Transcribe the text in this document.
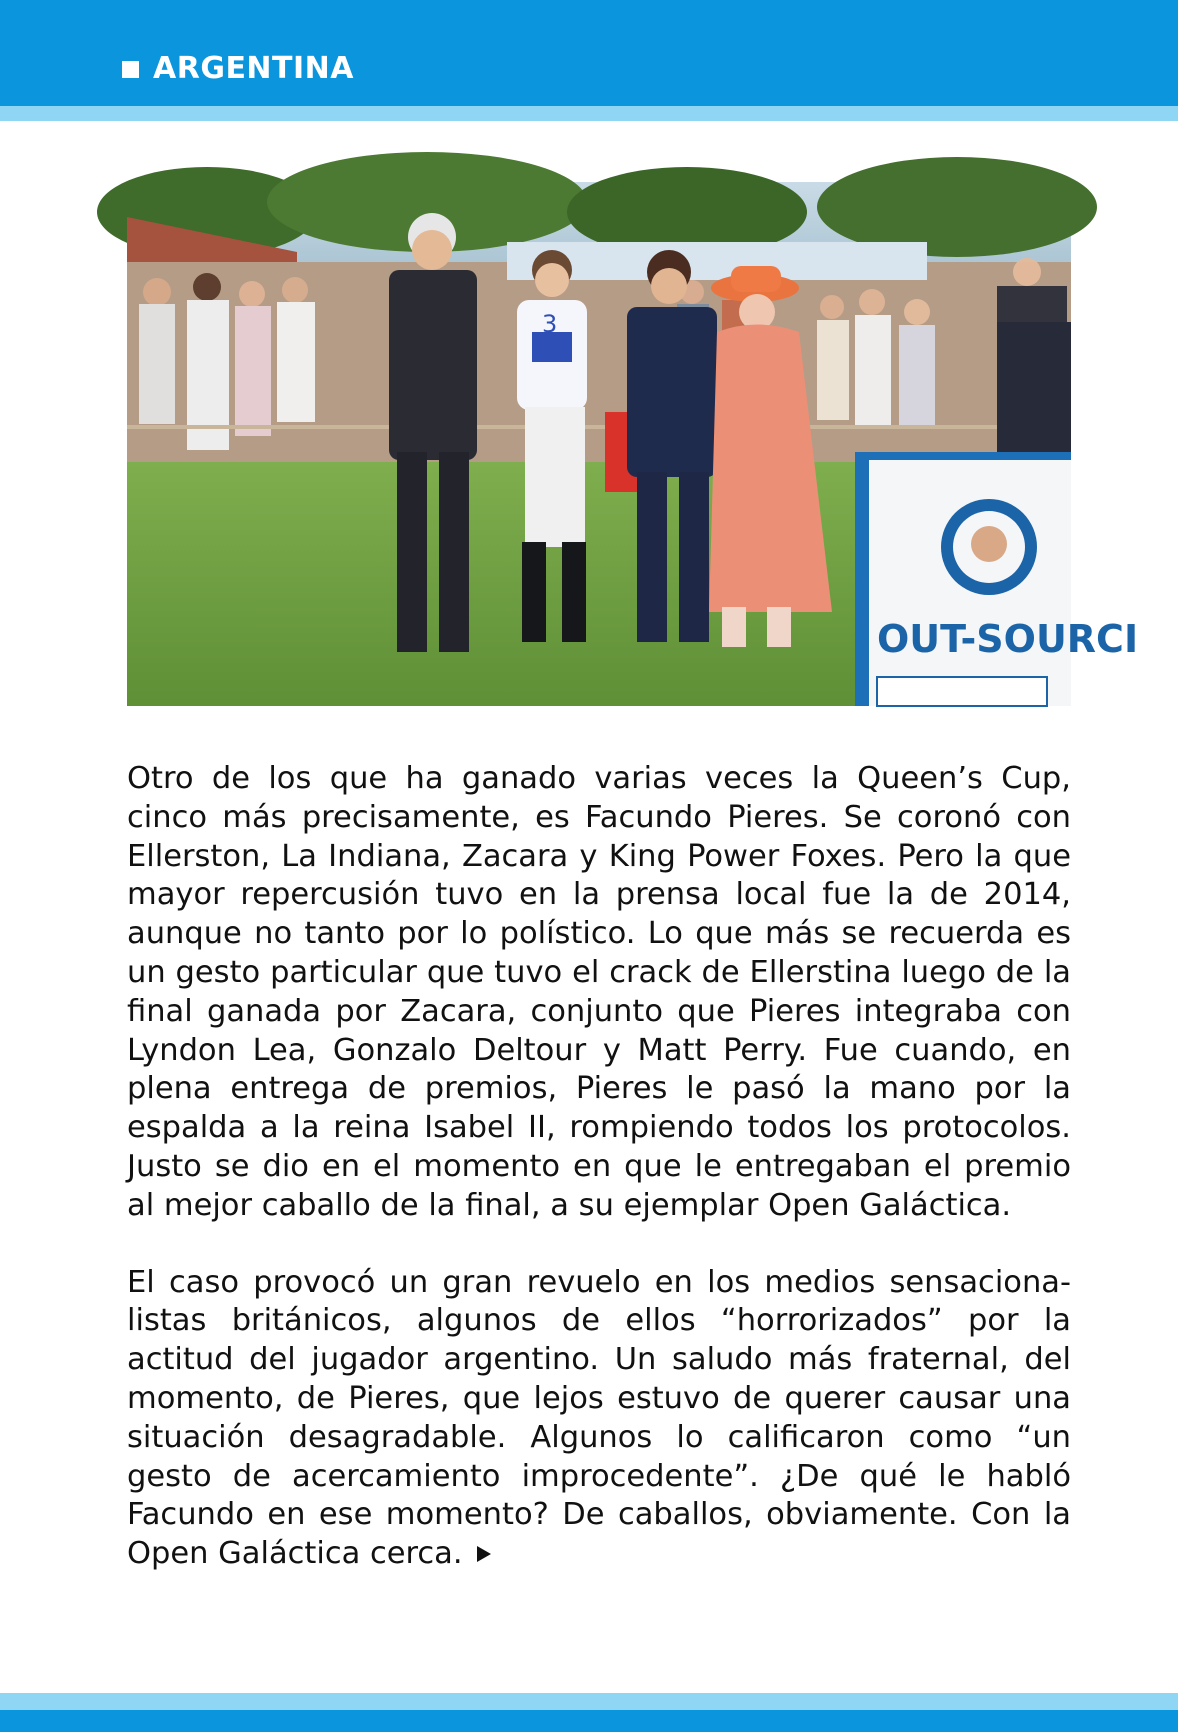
ARGENTINA
3
OUT-SOURCI

Otro de los que ha ganado varias veces la Queen’s Cup, cinco más precisamente, es Facundo Pieres. Se coronó con Ellerston, La Indiana, Zacara y King Power Foxes. Pero la que mayor repercusión tuvo en la prensa local fue la de 2014, aunque no tanto por lo polístico. Lo que más se recuerda es un gesto particular que tuvo el crack de Ellerstina luego de la final ganada por Zacara, conjunto que Pieres integraba con Lyndon Lea, Gonzalo Deltour y Matt Perry. Fue cuando, en plena entrega de premios, Pieres le pasó la mano por la espalda a la reina Isabel II, rompiendo todos los protocolos. Justo se dio en el momento en que le entregaban el premio al mejor caballo de la final, a su ejemplar Open Galáctica.

El caso provocó un gran revuelo en los medios sensacionalistas británicos, algunos de ellos “horrorizados” por la actitud del jugador argentino. Un saludo más fraternal, del momento, de Pieres, que lejos estuvo de querer causar una situación desagradable. Algunos lo calificaron como “un gesto de acercamiento improcedente”. ¿De qué le habló Facundo en ese momento? De caballos, obviamente. Con la Open Galáctica cerca.
